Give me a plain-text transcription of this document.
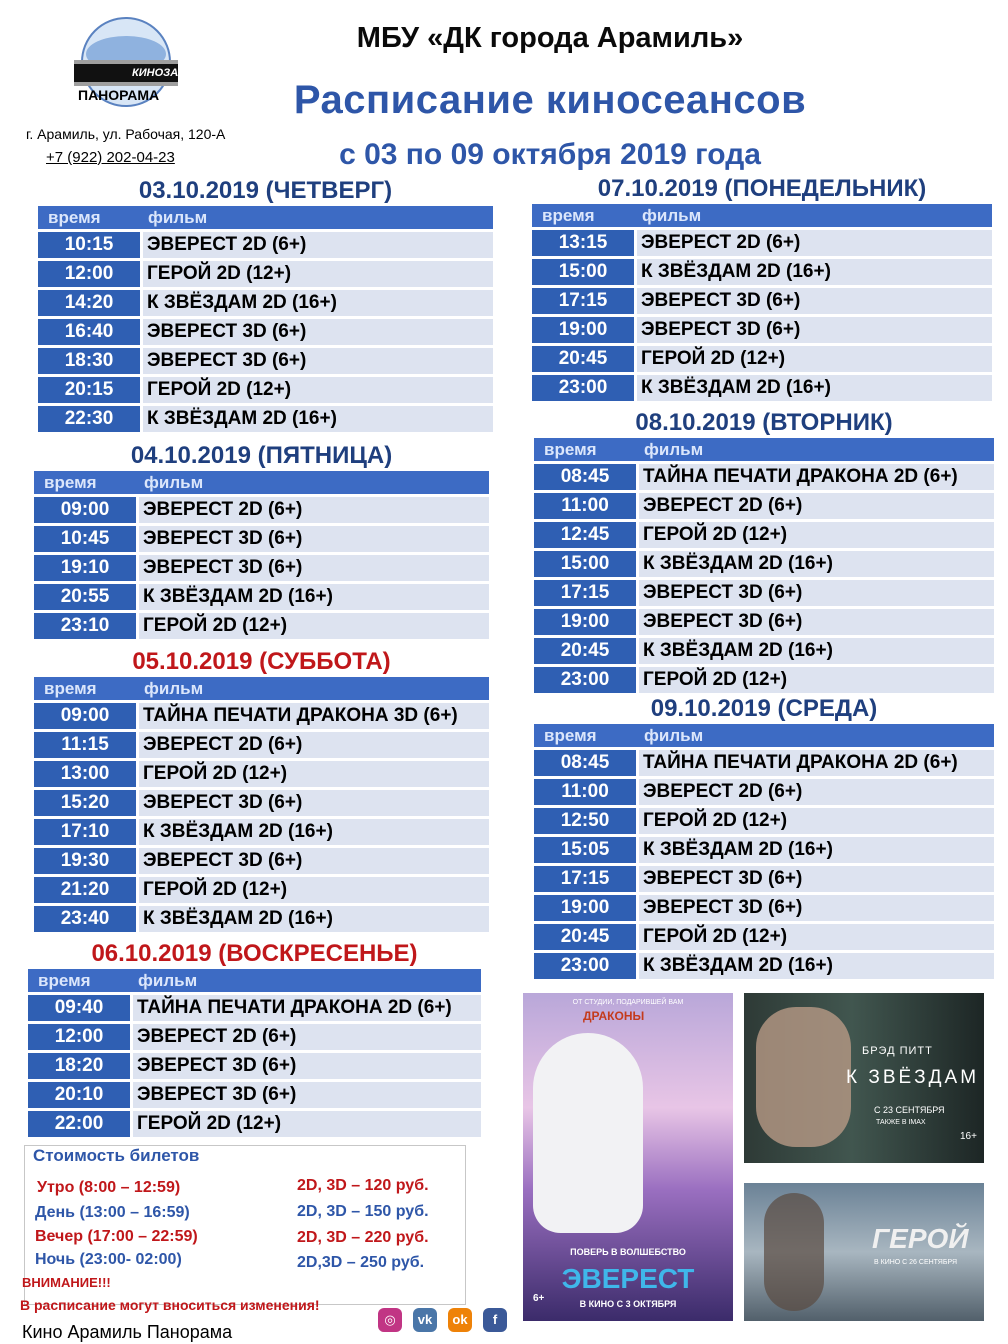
КИНОЗАЛ
ПАНОРАМА
г. Арамиль, ул. Рабочая, 120-А
+7 (922) 202-04-23
МБУ «ДК города Арамиль»
Расписание киносеансов
с 03 по 09 октября 2019 года
03.10.2019 (ЧЕТВЕРГ)
время	фильм
10:15	ЭВЕРЕСТ 2D (6+)
12:00	ГЕРОЙ 2D (12+)
14:20	К ЗВЁЗДАМ 2D (16+)
16:40	ЭВЕРЕСТ 3D (6+)
18:30	ЭВЕРЕСТ 3D (6+)
20:15	ГЕРОЙ 2D (12+)
22:30	К ЗВЁЗДАМ 2D (16+)
04.10.2019 (ПЯТНИЦА)
время	фильм
09:00	ЭВЕРЕСТ 2D (6+)
10:45	ЭВЕРЕСТ 3D (6+)
19:10	ЭВЕРЕСТ 3D (6+)
20:55	К ЗВЁЗДАМ 2D (16+)
23:10	ГЕРОЙ 2D (12+)
05.10.2019 (СУББОТА)
время	фильм
09:00	ТАЙНА ПЕЧАТИ ДРАКОНА 3D (6+)
11:15	ЭВЕРЕСТ 2D (6+)
13:00	ГЕРОЙ 2D (12+)
15:20	ЭВЕРЕСТ 3D (6+)
17:10	К ЗВЁЗДАМ 2D (16+)
19:30	ЭВЕРЕСТ 3D (6+)
21:20	ГЕРОЙ 2D (12+)
23:40	К ЗВЁЗДАМ 2D (16+)
06.10.2019 (ВОСКРЕСЕНЬЕ)
время	фильм
09:40	ТАЙНА ПЕЧАТИ ДРАКОНА 2D (6+)
12:00	ЭВЕРЕСТ 2D (6+)
18:20	ЭВЕРЕСТ 3D (6+)
20:10	ЭВЕРЕСТ 3D (6+)
22:00	ГЕРОЙ 2D (12+)
07.10.2019 (ПОНЕДЕЛЬНИК)
время	фильм
13:15	ЭВЕРЕСТ 2D (6+)
15:00	К ЗВЁЗДАМ 2D (16+)
17:15	ЭВЕРЕСТ 3D (6+)
19:00	ЭВЕРЕСТ 3D (6+)
20:45	ГЕРОЙ 2D (12+)
23:00	К ЗВЁЗДАМ 2D (16+)
08.10.2019 (ВТОРНИК)
время	фильм
08:45	ТАЙНА ПЕЧАТИ ДРАКОНА 2D (6+)
11:00	ЭВЕРЕСТ 2D (6+)
12:45	ГЕРОЙ 2D (12+)
15:00	К ЗВЁЗДАМ 2D (16+)
17:15	ЭВЕРЕСТ 3D (6+)
19:00	ЭВЕРЕСТ 3D (6+)
20:45	К ЗВЁЗДАМ 2D (16+)
23:00	ГЕРОЙ 2D (12+)
09.10.2019 (СРЕДА)
время	фильм
08:45	ТАЙНА ПЕЧАТИ ДРАКОНА 2D (6+)
11:00	ЭВЕРЕСТ 2D (6+)
12:50	ГЕРОЙ 2D (12+)
15:05	К ЗВЁЗДАМ 2D (16+)
17:15	ЭВЕРЕСТ 3D (6+)
19:00	ЭВЕРЕСТ 3D (6+)
20:45	ГЕРОЙ 2D (12+)
23:00	К ЗВЁЗДАМ 2D (16+)
Стоимость билетов
Утро (8:00 – 12:59)	2D, 3D – 120 руб.
День (13:00 – 16:59)	2D, 3D – 150 руб.
Вечер (17:00 – 22:59)	2D, 3D – 220 руб.
Ночь (23:00- 02:00)	2D,3D – 250 руб.
ВНИМАНИЕ!!!
В расписание могут вноситься изменения!
Кино Арамиль Панорама
◎	vk	ok	f
ОТ СТУДИИ, ПОДАРИВШЕЙ ВАМ
ДРАКОНЫ
ПОВЕРЬ В ВОЛШЕБСТВО
ЭВЕРЕСТ
В КИНО С 3 ОКТЯБРЯ
6+
БРЭД ПИТТ
К ЗВЁЗДАМ
С 23 СЕНТЯБРЯ
ТАКЖЕ В IMAX
16+
ГЕРОЙ
В КИНО С 26 СЕНТЯБРЯ
